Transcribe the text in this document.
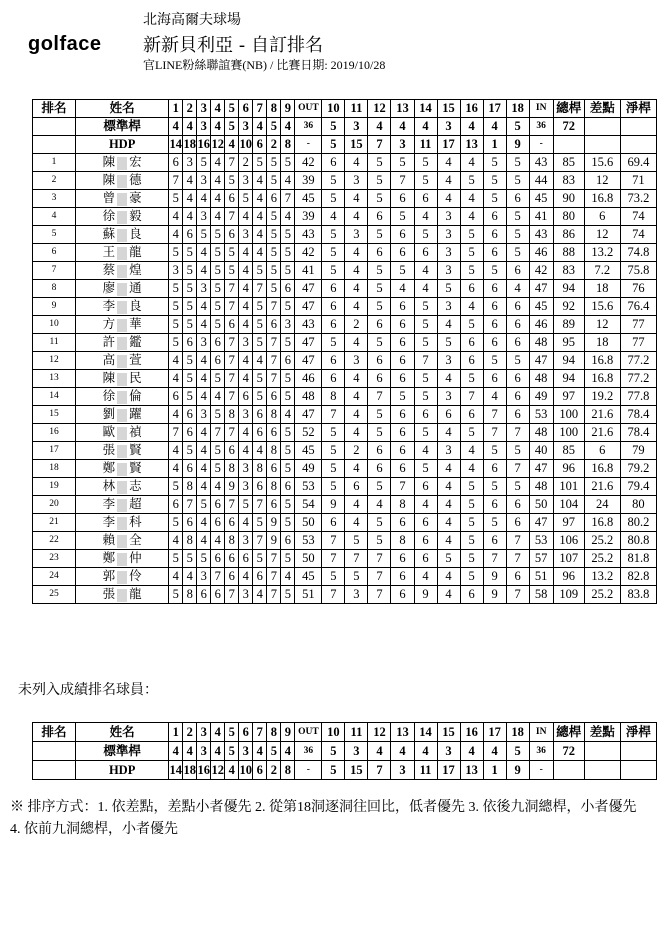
golface
北海高爾夫球場
新新貝利亞 - 自訂排名
官LINE粉絲聯誼賽(NB) / 比賽日期: 2019/10/28
排名	姓名	1	2	3	4	5	6	7	8	9	OUT	10	11	12	13	14	15	16	17	18	IN	總桿	差點	淨桿
	標準桿	4	4	3	4	5	3	4	5	4	36	5	3	4	4	4	3	4	4	5	36	72		
	HDP	14	18	16	12	4	10	6	2	8	-	5	15	7	3	11	17	13	1	9	-			
1	陳 宏	6	3	5	4	7	2	5	5	5	42	6	4	5	5	5	4	4	5	5	43	85	15.6	69.4
2	陳 德	7	4	3	4	5	3	4	5	4	39	5	3	5	7	5	4	5	5	5	44	83	12	71
3	曾 豪	5	4	4	4	6	5	4	6	7	45	5	4	5	6	6	4	4	5	6	45	90	16.8	73.2
4	徐 毅	4	4	3	4	7	4	4	5	4	39	4	4	6	5	4	3	4	6	5	41	80	6	74
5	蘇 良	4	6	5	5	6	3	4	5	5	43	5	3	5	6	5	3	5	6	5	43	86	12	74
6	王 龍	5	5	4	5	5	4	4	5	5	42	5	4	6	6	6	3	5	6	5	46	88	13.2	74.8
7	蔡 煌	3	5	4	5	5	4	5	5	5	41	5	4	5	5	4	3	5	5	6	42	83	7.2	75.8
8	廖 通	5	5	3	5	7	4	7	5	6	47	6	4	5	4	4	5	6	6	4	47	94	18	76
9	李 良	5	5	4	5	7	4	5	7	5	47	6	4	5	6	5	3	4	6	6	45	92	15.6	76.4
10	方 華	5	5	4	5	6	4	5	6	3	43	6	2	6	6	5	4	5	6	6	46	89	12	77
11	許 鑑	5	6	3	6	7	3	5	7	5	47	5	4	5	6	5	5	6	6	6	48	95	18	77
12	高 萱	4	5	4	6	7	4	4	7	6	47	6	3	6	6	7	3	6	5	5	47	94	16.8	77.2
13	陳 民	4	5	4	5	7	4	5	7	5	46	6	4	6	6	5	4	5	6	6	48	94	16.8	77.2
14	徐 倫	6	5	4	4	7	6	5	6	5	48	8	4	7	5	5	3	7	4	6	49	97	19.2	77.8
15	劉 躍	4	6	3	5	8	3	6	8	4	47	7	4	5	6	6	6	6	7	6	53	100	21.6	78.4
16	歐 禎	7	6	4	7	7	4	6	6	5	52	5	4	5	6	5	4	5	7	7	48	100	21.6	78.4
17	張 賢	4	5	4	5	6	4	4	8	5	45	5	2	6	6	4	3	4	5	5	40	85	6	79
18	鄭 賢	4	6	4	5	8	3	8	6	5	49	5	4	6	6	5	4	4	6	7	47	96	16.8	79.2
19	林 志	5	8	4	4	9	3	6	8	6	53	5	6	5	7	6	4	5	5	5	48	101	21.6	79.4
20	李 超	6	7	5	6	7	5	7	6	5	54	9	4	4	8	4	4	5	6	6	50	104	24	80
21	李 科	5	6	4	6	6	4	5	9	5	50	6	4	5	6	6	4	5	5	6	47	97	16.8	80.2
22	賴 全	4	8	4	4	8	3	7	9	6	53	7	5	5	8	6	4	5	6	7	53	106	25.2	80.8
23	鄭 仲	5	5	5	6	6	6	5	7	5	50	7	7	7	6	6	5	5	7	7	57	107	25.2	81.8
24	郭 伶	4	4	3	7	6	4	6	7	4	45	5	5	7	6	4	4	5	9	6	51	96	13.2	82.8
25	張 龍	5	8	6	6	7	3	4	7	5	51	7	3	7	6	9	4	6	9	7	58	109	25.2	83.8
未列入成績排名球員：
排名	姓名	1	2	3	4	5	6	7	8	9	OUT	10	11	12	13	14	15	16	17	18	IN	總桿	差點	淨桿
	標準桿	4	4	3	4	5	3	4	5	4	36	5	3	4	4	4	3	4	4	5	36	72		
	HDP	14	18	16	12	4	10	6	2	8	-	5	15	7	3	11	17	13	1	9	-			
※ 排序方式：1. 依差點，差點小者優先 2. 從第18洞逐洞往回比，低者優先 3. 依後九洞總桿，小者優先 4. 依前九洞總桿，小者優先
